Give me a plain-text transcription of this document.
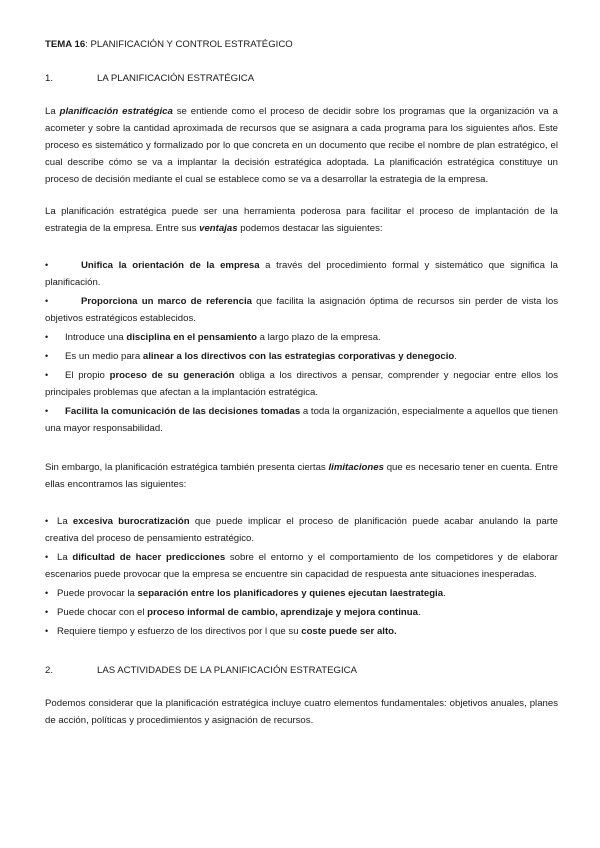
TEMA 16: PLANIFICACIÓN Y CONTROL ESTRATÉGICO
1.	LA PLANIFICACIÓN ESTRATÉGICA

La planificación estratégica se entiende como el proceso de decidir sobre los programas que la organización va a acometer y sobre la cantidad aproximada de recursos que se asignara a cada programa para los siguientes años. Este proceso es sistemático y formalizado por lo que concreta en un documento que recibe el nombre de plan estratégico, el cual describe cómo se va a implantar la decisión estratégica adoptada. La planificación estratégica constituye un proceso de decisión mediante el cual se establece como se va a desarrollar la estrategia de la empresa.

La planificación estratégica puede ser una herramienta poderosa para facilitar el proceso de implantación de la estrategia de la empresa. Entre sus ventajas podemos destacar las siguientes:

•	Unifica la orientación de la empresa a través del procedimiento formal y sistemático que significa la planificación.
•	Proporciona un marco de referencia que facilita la asignación óptima de recursos sin perder de vista los objetivos estratégicos establecidos.
• Introduce una disciplina en el pensamiento a largo plazo de la empresa.
• Es un medio para alinear a los directivos con las estrategias corporativas y denegocio.
• El propio proceso de su generación obliga a los directivos a pensar, comprender y negociar entre ellos los principales problemas que afectan a la implantación estratégica.
• Facilita la comunicación de las decisiones tomadas a toda la organización, especialmente a aquellos que tienen una mayor responsabilidad.

Sin embargo, la planificación estratégica también presenta ciertas limitaciones que es necesario tener en cuenta. Entre ellas encontramos las siguientes:

• La excesiva burocratización que puede implicar el proceso de planificación puede acabar anulando la parte creativa del proceso de pensamiento estratégico.
• La dificultad de hacer predicciones sobre el entorno y el comportamiento de los competidores y de elaborar escenarios puede provocar que la empresa se encuentre sin capacidad de respuesta ante situaciones inesperadas.
• Puede provocar la separación entre los planificadores y quienes ejecutan laestrategia.
• Puede chocar con el proceso informal de cambio, aprendizaje y mejora continua.
• Requiere tiempo y esfuerzo de los directivos por l que su coste puede ser alto.
2.	LAS ACTIVIDADES DE LA PLANIFICACIÓN ESTRATEGICA

Podemos considerar que la planificación estratégica incluye cuatro elementos fundamentales: objetivos anuales, planes de acción, políticas y procedimientos y asignación de recursos.
